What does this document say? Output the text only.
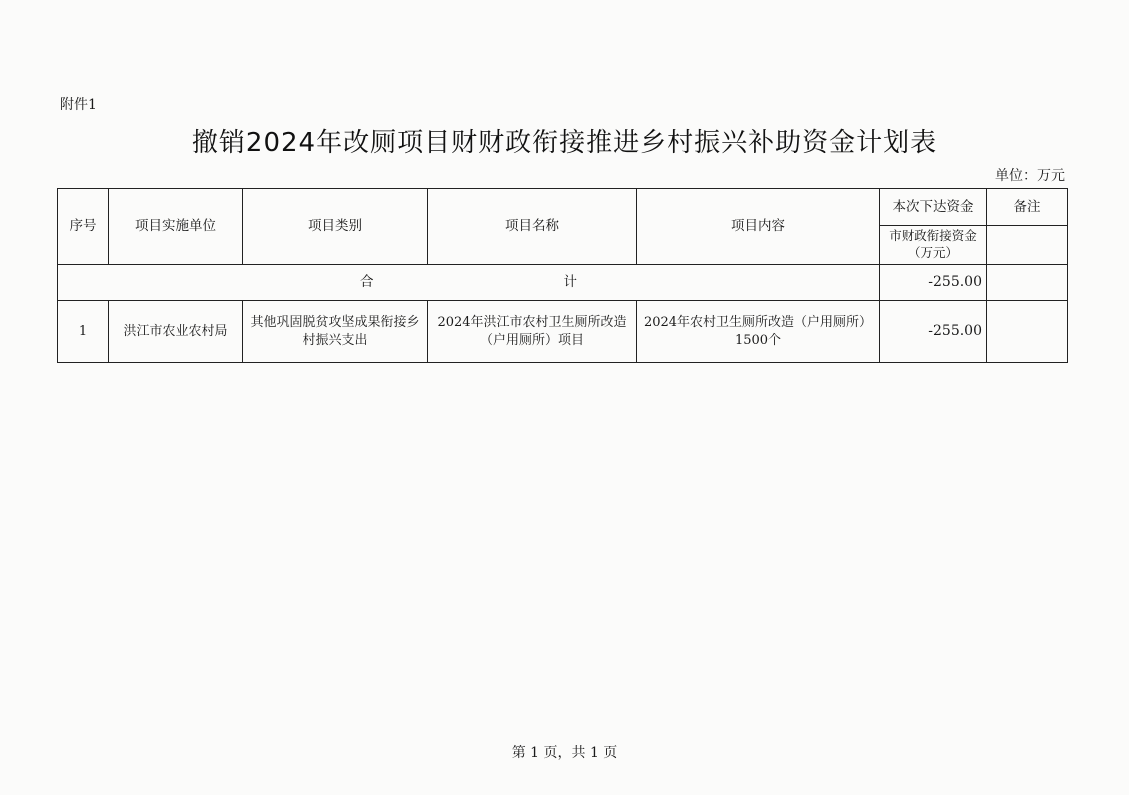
附件1
撤销2024年改厕项目财财政衔接推进乡村振兴补助资金计划表
单位：万元
序号	项目实施单位	项目类别	项目名称	项目内容	本次下达资金	备注
					市财政衔接资金（万元）	
合 计					-255.00	
1	洪江市农业农村局	其他巩固脱贫攻坚成果衔接乡村振兴支出	2024年洪江市农村卫生厕所改造（户用厕所）项目	2024年农村卫生厕所改造（户用厕所）1500个	-255.00	
第 1 页，共 1 页
